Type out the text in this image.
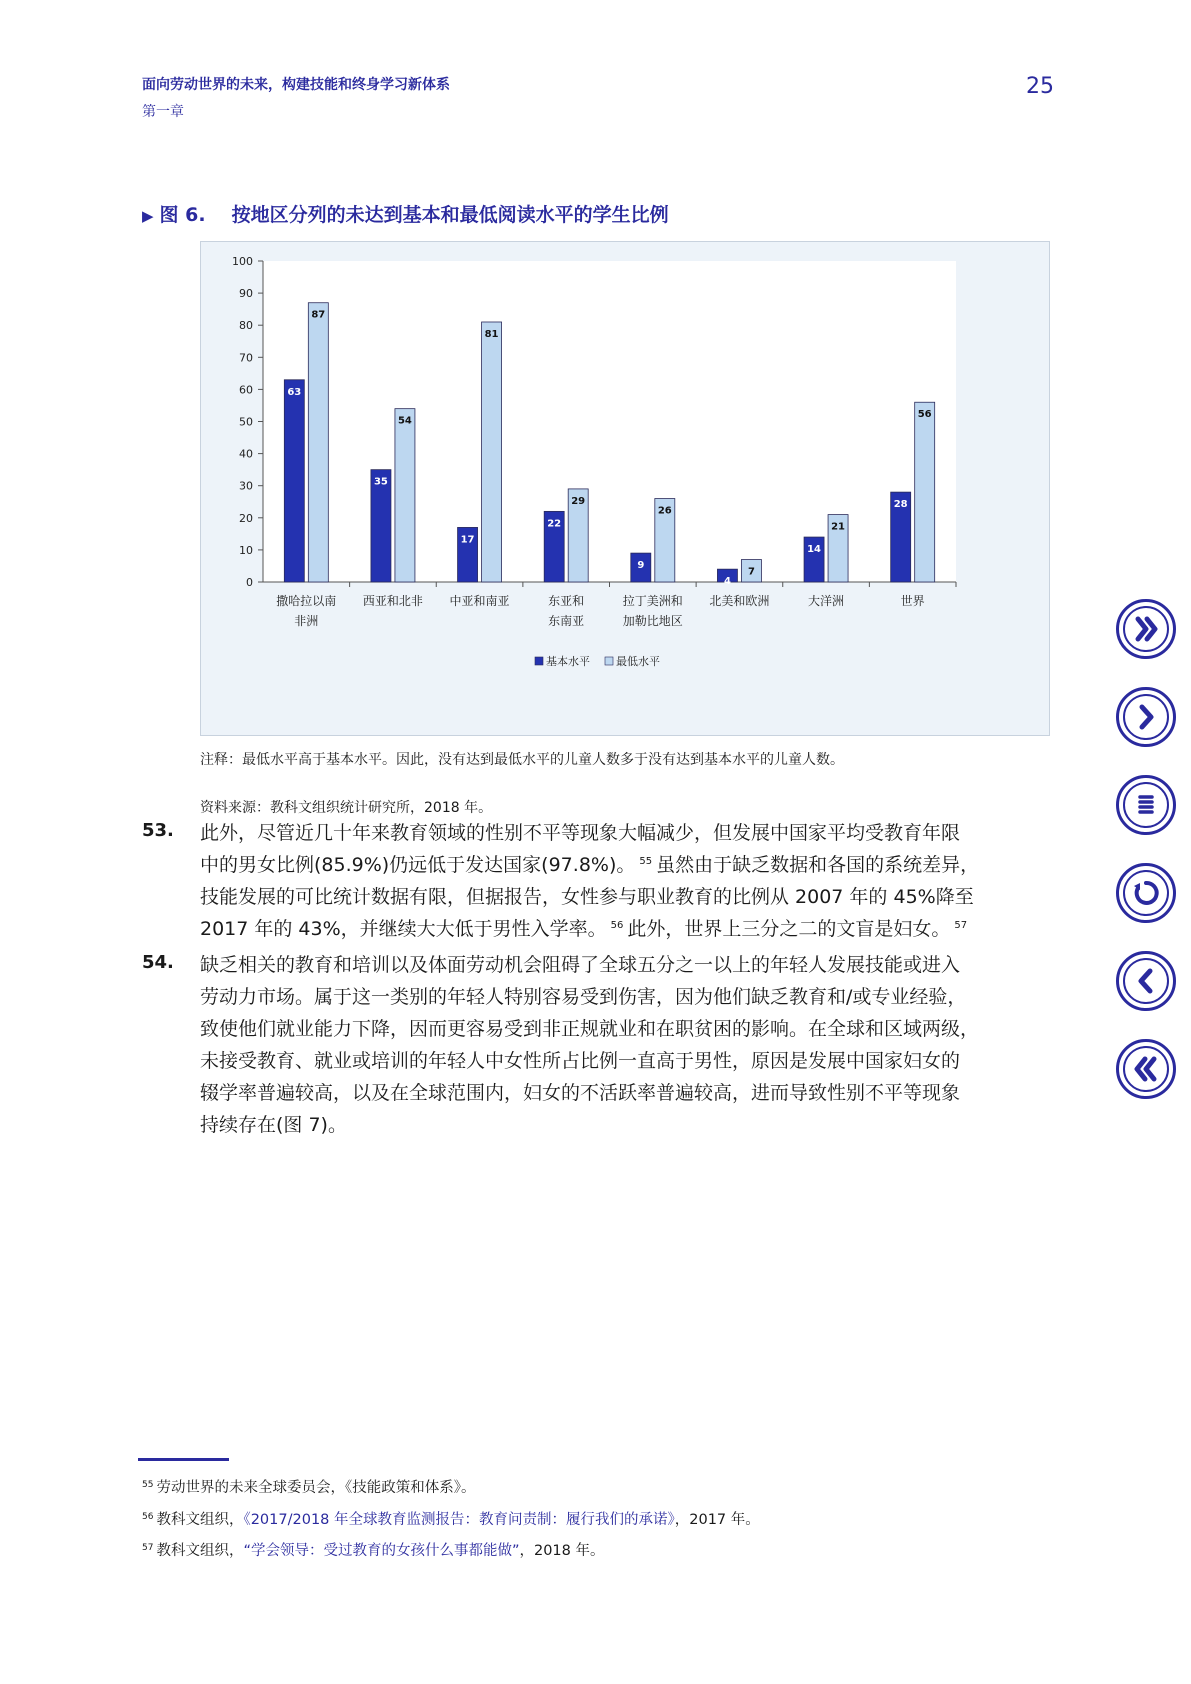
面向劳动世界的未来，构建技能和终身学习新体系
第一章
25
▶ 图 6. 按地区分列的未达到基本和最低阅读水平的学生比例
0
10
20
30
40
50
60
70
80
90
100
撒哈拉以南
非洲
63
87
西亚和北非
35
54
中亚和南亚
17
81
东亚和
东南亚
22
29
拉丁美洲和
加勒比地区
9
26
北美和欧洲
4
7
大洋洲
14
21
世界
28
56
基本水平 最低水平
注释：最低水平高于基本水平。因此，没有达到最低水平的儿童人数多于没有达到基本水平的儿童人数。
资料来源：教科文组织统计研究所，2018 年。
53. 此外，尽管近几十年来教育领域的性别不平等现象大幅减少，但发展中国家平均受教育年限
中的男女比例(85.9%)仍远低于发达国家(97.8%)。 $^{55}$ 虽然由于缺乏数据和各国的系统差异，
技能发展的可比统计数据有限，但据报告，女性参与职业教育的比例从 2007 年的 45%降至
2017 年的 43%，并继续大大低于男性入学率。 $^{56}$ 此外，世界上三分之二的文盲是妇女。 $^{57}$
54. 缺乏相关的教育和培训以及体面劳动机会阻碍了全球五分之一以上的年轻人发展技能或进入
劳动力市场。属于这一类别的年轻人特别容易受到伤害，因为他们缺乏教育和/或专业经验，
致使他们就业能力下降，因而更容易受到非正规就业和在职贫困的影响。在全球和区域两级，
未接受教育、就业或培训的年轻人中女性所占比例一直高于男性，原因是发展中国家妇女的
辍学率普遍较高，以及在全球范围内，妇女的不活跃率普遍较高，进而导致性别不平等现象
持续存在(图 7)。
$^{55}$ 劳动世界的未来全球委员会，《技能政策和体系》。
$^{56}$ 教科文组织，《2017/2018 年全球教育监测报告：教育问责制：履行我们的承诺》，2017 年。
$^{57}$ 教科文组织，“学会领导：受过教育的女孩什么事都能做”，2018 年。
